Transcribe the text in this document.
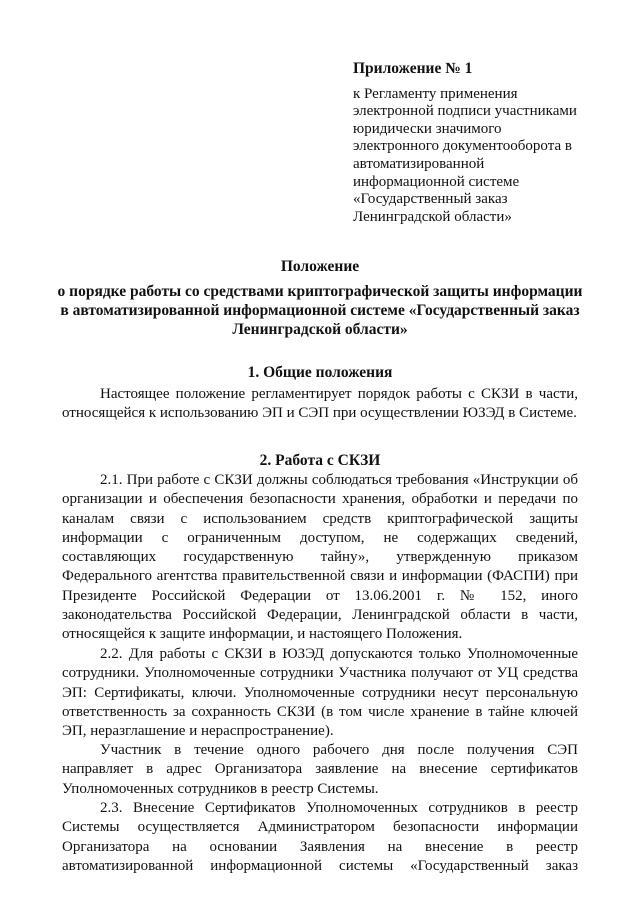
Приложение № 1
к Регламенту применения
электронной подписи участниками
юридически значимого
электронного документооборота в
автоматизированной
информационной системе
«Государственный заказ
Ленинградской области»
Положение
о порядке работы со средствами криптографической защиты информации
в автоматизированной информационной системе «Государственный заказ
Ленинградской области»
1. Общие положения
Настоящее положение регламентирует порядок работы с СКЗИ в части,
относящейся к использованию ЭП и СЭП при осуществлении ЮЗЭД в Системе.
2. Работа с СКЗИ
2.1. При работе с СКЗИ должны соблюдаться требования «Инструкции об
организации и обеспечения безопасности хранения, обработки и передачи по
каналам связи с использованием средств криптографической защиты
информации с ограниченным доступом, не содержащих сведений,
составляющих государственную тайну», утвержденную приказом
Федерального агентства правительственной связи и информации (ФАСПИ) при
Президенте Российской Федерации от 13.06.2001 г. № 152, иного
законодательства Российской Федерации, Ленинградской области в части,
относящейся к защите информации, и настоящего Положения.
2.2. Для работы с СКЗИ в ЮЗЭД допускаются только Уполномоченные
сотрудники. Уполномоченные сотрудники Участника получают от УЦ средства
ЭП: Сертификаты, ключи. Уполномоченные сотрудники несут персональную
ответственность за сохранность СКЗИ (в том числе хранение в тайне ключей
ЭП, неразглашение и нераспространение).
Участник в течение одного рабочего дня после получения СЭП
направляет в адрес Организатора заявление на внесение сертификатов
Уполномоченных сотрудников в реестр Системы.
2.3. Внесение Сертификатов Уполномоченных сотрудников в реестр
Системы осуществляется Администратором безопасности информации
Организатора на основании Заявления на внесение в реестр
автоматизированной информационной системы «Государственный заказ
